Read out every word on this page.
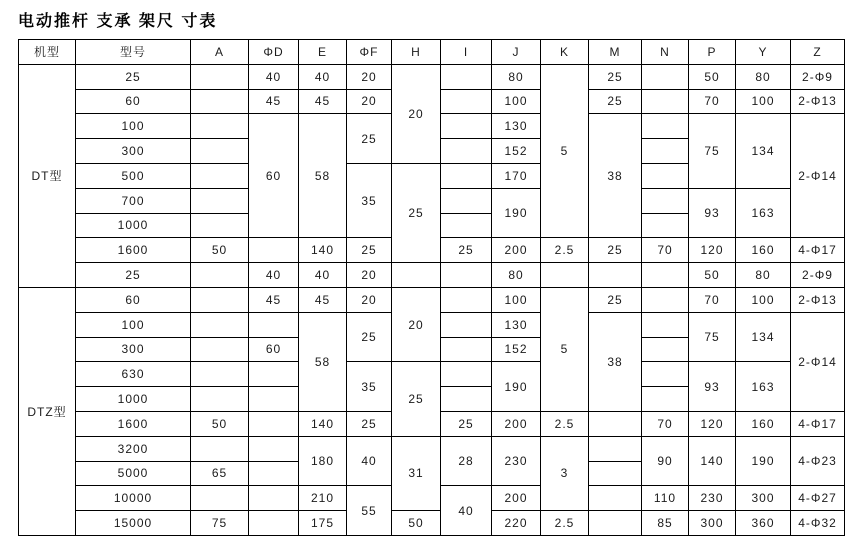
电动推杆 支承 架尺 寸表
机型	型号	A	ΦD	E	ΦF	H	I	J	K	M	N	P	Y	Z
DT型	25		40	40	20	20		80	5	25		50	80	2-Φ9
	60		45	45	20			100		25		70	100	2-Φ13
	100		60	58	25			130		38		75	134	2-Φ14
	300							152						
	500				35	25		170						
	700							190				93	163	
	1000													
	1600	50		140	25		25	200	2.5	25	70	120	160	4-Φ17
	25		40	40	20			80				50	80	2-Φ9
DTZ型	60		45	45	20	20		100	5	25		70	100	2-Φ13
	100			58	25			130		38		75	134	2-Φ14
	300		60					152						
	630				35	25		190				93	163	
	1000													
	1600	50		140	25		25	200	2.5		70	120	160	4-Φ17
	3200			180	40	31	28	230	3		90	140	190	4-Φ23
	5000	65												
	10000			210	55		40	200			110	230	300	4-Φ27
	15000	75		175		50		220	2.5		85	300	360	4-Φ32
